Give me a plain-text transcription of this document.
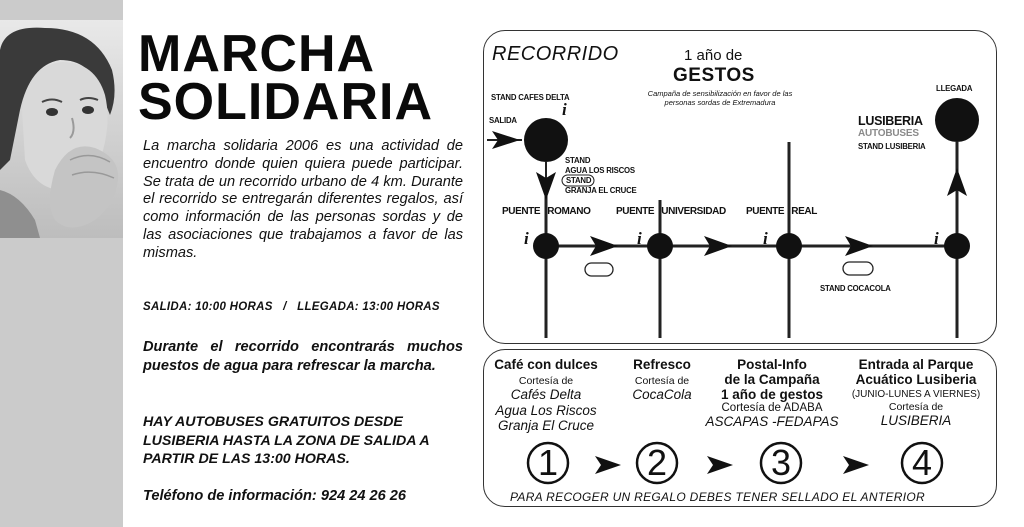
MARCHA
SOLIDARIA
La marcha solidaria 2006 es una actividad de encuentro donde quien quiera puede participar. Se trata de un recorrido urbano de 4 km. Durante el recorrido se entregarán diferentes regalos, así como información de las personas sordas y de las asociaciones que trabajamos a favor de las mismas.
SALIDA: 10:00 HORAS   /   LLEGADA: 13:00 HORAS
Durante el recorrido encontrarás muchos puestos de agua para refrescar la marcha.
HAY AUTOBUSES GRATUITOS DESDE LUSIBERIA HASTA LA ZONA DE SALIDA A PARTIR DE LAS 13:00 HORAS.
Teléfono de información: 924 24 26 26
RECORRIDO	1 año de
GESTOS
Campaña de sensibilización en favor de las
personas sordas de Extremadura
STAND CAFES DELTA
i
SALIDA
STAND
AGUA LOS RISCOS
STAND
GRANJA EL CRUCE
PUENTE   ROMANO	PUENTE   UNIVERSIDAD PUENTE   REAL
i	i	i	i
LLEGADA
LUSIBERIA
AUTOBUSES
STAND LUSIBERIA
STAND COCACOLA
Café con dulces
Cortesía de
Cafés Delta
Agua Los Riscos
Granja El Cruce
Refresco
Cortesía de
CocaCola
Postal-Info
de la Campaña
1 año de gestos
Cortesía de ADABA
ASCAPAS -FEDAPAS
Entrada al Parque
Acuático Lusiberia
(JUNIO-LUNES A VIERNES)
Cortesía de
LUSIBERIA
1 2	3	4
PARA RECOGER UN REGALO DEBES TENER SELLADO EL ANTERIOR
